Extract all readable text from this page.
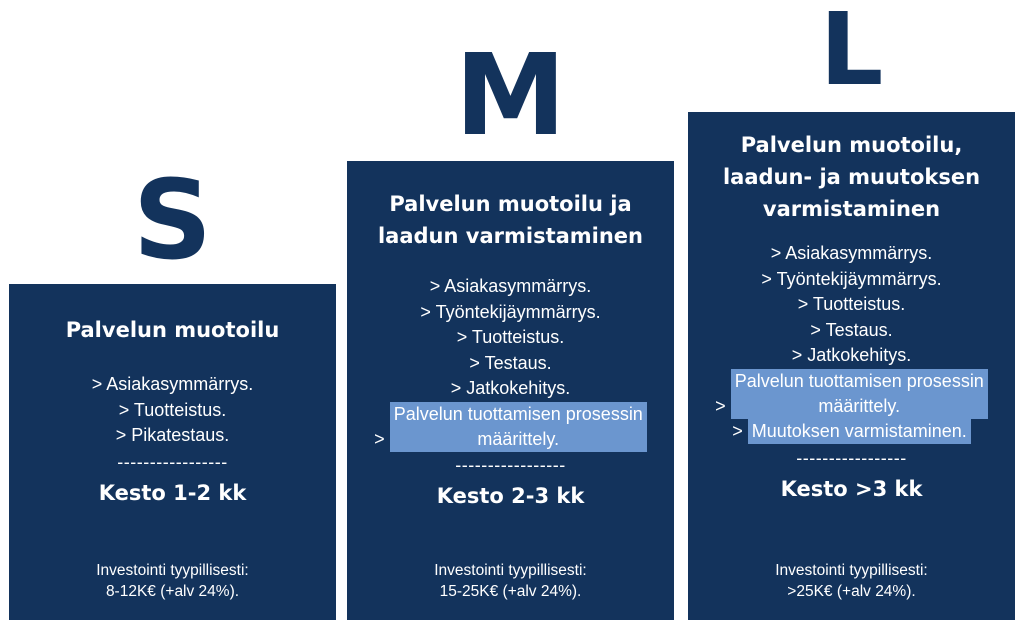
S
M	L
Palvelun muotoilu
> Asiakasymmärrys.
> Tuotteistus.
> Pikatestaus.
-----------------
Kesto 1-2 kk
Investointi tyypillisesti:
8-12K€ (+alv 24%).
Palvelun muotoilu ja
laadun varmistaminen
> Asiakasymmärrys.
> Työntekijäymmärrys.
> Tuotteistus.
> Testaus.
> Jatkokehitys.
>
Palvelun tuottamisen prosessin
määrittely.
-----------------
Kesto 2-3 kk
Investointi tyypillisesti:
15-25K€ (+alv 24%).
Palvelun muotoilu,
laadun- ja muutoksen
varmistaminen
> Asiakasymmärrys.
> Työntekijäymmärrys.
> Tuotteistus.
> Testaus.
> Jatkokehitys.
>
Palvelun tuottamisen prosessin
määrittely.
> Muutoksen varmistaminen.
-----------------
Kesto >3 kk
Investointi tyypillisesti:
>25K€ (+alv 24%).
